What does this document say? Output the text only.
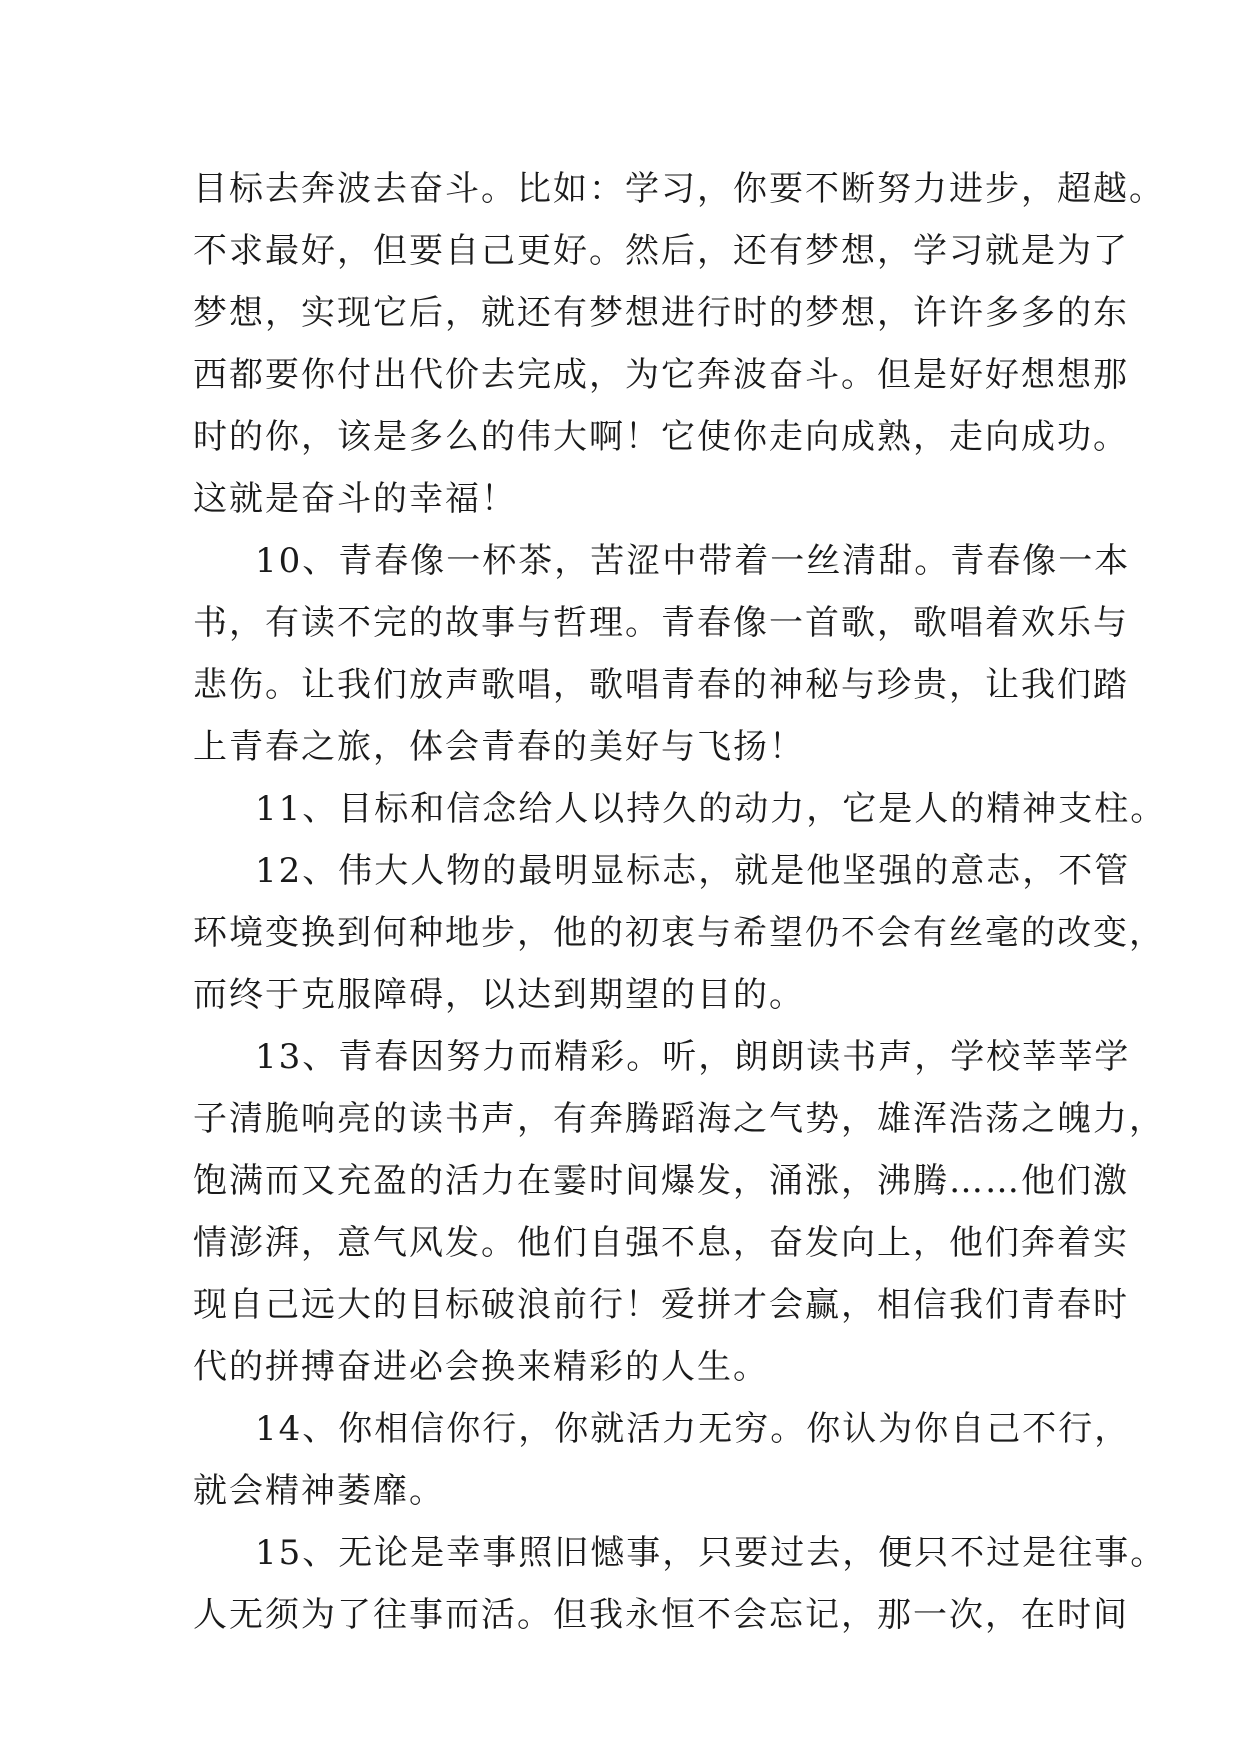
目标去奔波去奋斗。比如：学习，你要不断努力进步，超越。
不求最好，但要自己更好。然后，还有梦想，学习就是为了
梦想，实现它后，就还有梦想进行时的梦想，许许多多的东
西都要你付出代价去完成，为它奔波奋斗。但是好好想想那
时的你，该是多么的伟大啊！它使你走向成熟，走向成功。
这就是奋斗的幸福！
10、青春像一杯茶，苦涩中带着一丝清甜。青春像一本
书，有读不完的故事与哲理。青春像一首歌，歌唱着欢乐与
悲伤。让我们放声歌唱，歌唱青春的神秘与珍贵，让我们踏
上青春之旅，体会青春的美好与飞扬！
11、目标和信念给人以持久的动力，它是人的精神支柱。
12、伟大人物的最明显标志，就是他坚强的意志，不管
环境变换到何种地步，他的初衷与希望仍不会有丝毫的改变，
而终于克服障碍，以达到期望的目的。
13、青春因努力而精彩。听，朗朗读书声，学校莘莘学
子清脆响亮的读书声，有奔腾蹈海之气势，雄浑浩荡之魄力，
饱满而又充盈的活力在霎时间爆发，涌涨，沸腾……他们激
情澎湃，意气风发。他们自强不息，奋发向上，他们奔着实
现自己远大的目标破浪前行！爱拼才会赢，相信我们青春时
代的拼搏奋进必会换来精彩的人生。
14、你相信你行，你就活力无穷。你认为你自己不行，
就会精神萎靡。
15、无论是幸事照旧憾事，只要过去，便只不过是往事。
人无须为了往事而活。但我永恒不会忘记，那一次，在时间
